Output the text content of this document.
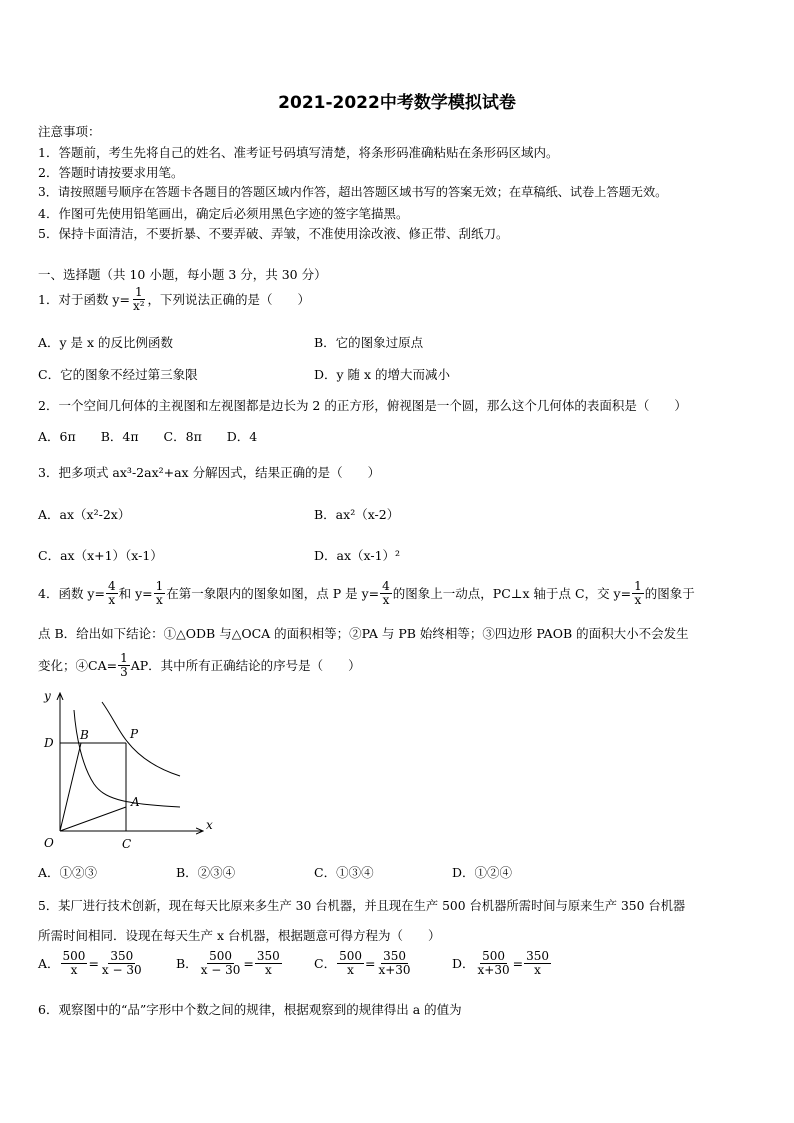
2021-2022中考数学模拟试卷
注意事项：
1．答题前，考生先将自己的姓名、准考证号码填写清楚，将条形码准确粘贴在条形码区域内。
2．答题时请按要求用笔。
3．请按照题号顺序在答题卡各题目的答题区域内作答，超出答题区域书写的答案无效；在草稿纸、试卷上答题无效。
4．作图可先使用铅笔画出，确定后必须用黑色字迹的签字笔描黑。
5．保持卡面清洁，不要折暴、不要弄破、弄皱，不准使用涂改液、修正带、刮纸刀。
一、选择题（共 10 小题，每小题 3 分，共 30 分）
1．对于函数 $y= \frac{1}{\text{x²}}$ ，下列说法正确的是（　　）
A．y 是 x 的反比例函数	B．它的图象过原点
C．它的图象不经过第三象限	D．y 随 x 的增大而减小
2．一个空间几何体的主视图和左视图都是边长为 2 的正方形，俯视图是一个圆，那么这个几何体的表面积是（　　）
A．6π　　B．4π　　C．8π　　D．4
3．把多项式 ax³-2ax²+ax 分解因式，结果正确的是（　　）
A．ax（x²-2x）	B．ax²（x-2）
C．ax（x+1）（x-1）	D．ax（x-1）²
4．函数 $y= \frac{4}{x}$ 和 $y= \frac{1}{x}$ 在第一象限内的图象如图，点 P 是 $y= \frac{4}{x}$ 的图象上一动点，PC⊥x 轴于点 C，交 $y= \frac{1}{x}$ 的图象于
点 B．给出如下结论：①△ODB 与△OCA 的面积相等；②PA 与 PB 始终相等；③四边形 PAOB 的面积大小不会发生
变化；④CA= $\frac{1}{3}$ AP．其中所有正确结论的序号是（　　）
y
x
O
D
B	P
A
C
A．①②③	B．②③④	C．①③④	D．①②④
5．某厂进行技术创新，现在每天比原来多生产 30 台机器，并且现在生产 500 台机器所需时间与原来生产 350 台机器
所需时间相同．设现在每天生产 x 台机器，根据题意可得方程为（　　）
A． $\frac{500}{x} = \frac{350}{x - 30}$	B． $\frac{500}{x - 30} = \frac{350}{x}$	C． $\frac{500}{x} = \frac{350}{x+30}$	D． $\frac{500}{x+30} = \frac{350}{x}$
6．观察图中的“品”字形中个数之间的规律，根据观察到的规律得出 a 的值为
